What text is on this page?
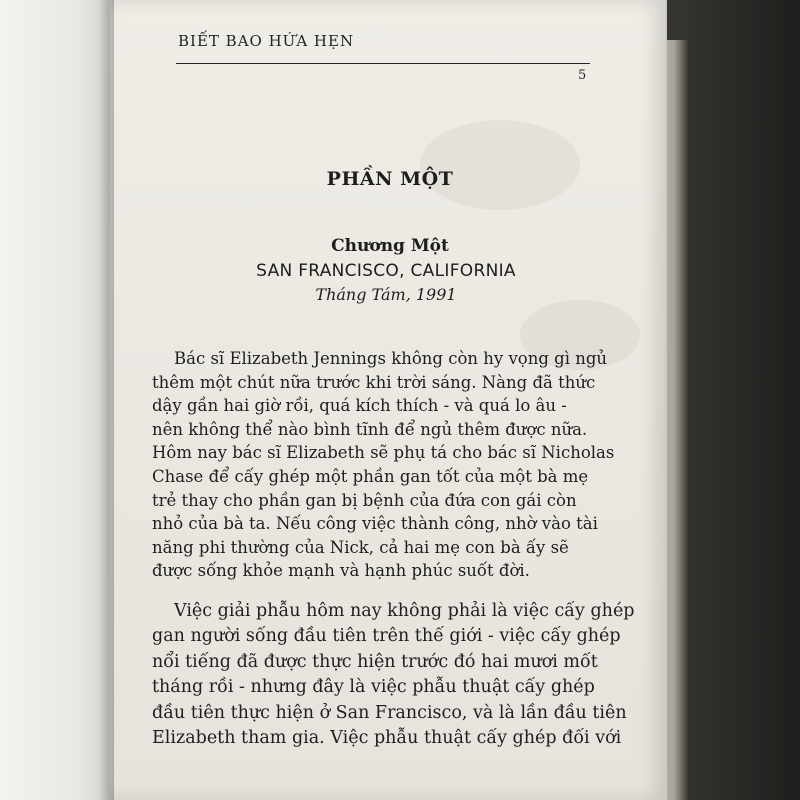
BIẾT BAO HỨA HẸN
5
PHẦN MỘT
Chương Một
SAN FRANCISCO, CALIFORNIA
Tháng Tám, 1991
Bác sĩ Elizabeth Jennings không còn hy vọng gì ngủ
thêm một chút nữa trước khi trời sáng. Nàng đã thức
dậy gần hai giờ rồi, quá kích thích - và quá lo âu -
nên không thể nào bình tĩnh để ngủ thêm được nữa.
Hôm nay bác sĩ Elizabeth sẽ phụ tá cho bác sĩ Nicholas
Chase để cấy ghép một phần gan tốt của một bà mẹ
trẻ thay cho phần gan bị bệnh của đứa con gái còn
nhỏ của bà ta. Nếu công việc thành công, nhờ vào tài
năng phi thường của Nick, cả hai mẹ con bà ấy sẽ
được sống khỏe mạnh và hạnh phúc suốt đời.
Việc giải phẫu hôm nay không phải là việc cấy ghép
gan người sống đầu tiên trên thế giới - việc cấy ghép
nổi tiếng đã được thực hiện trước đó hai mươi mốt
tháng rồi - nhưng đây là việc phẫu thuật cấy ghép
đầu tiên thực hiện ở San Francisco, và là lần đầu tiên
Elizabeth tham gia. Việc phẫu thuật cấy ghép đối với
